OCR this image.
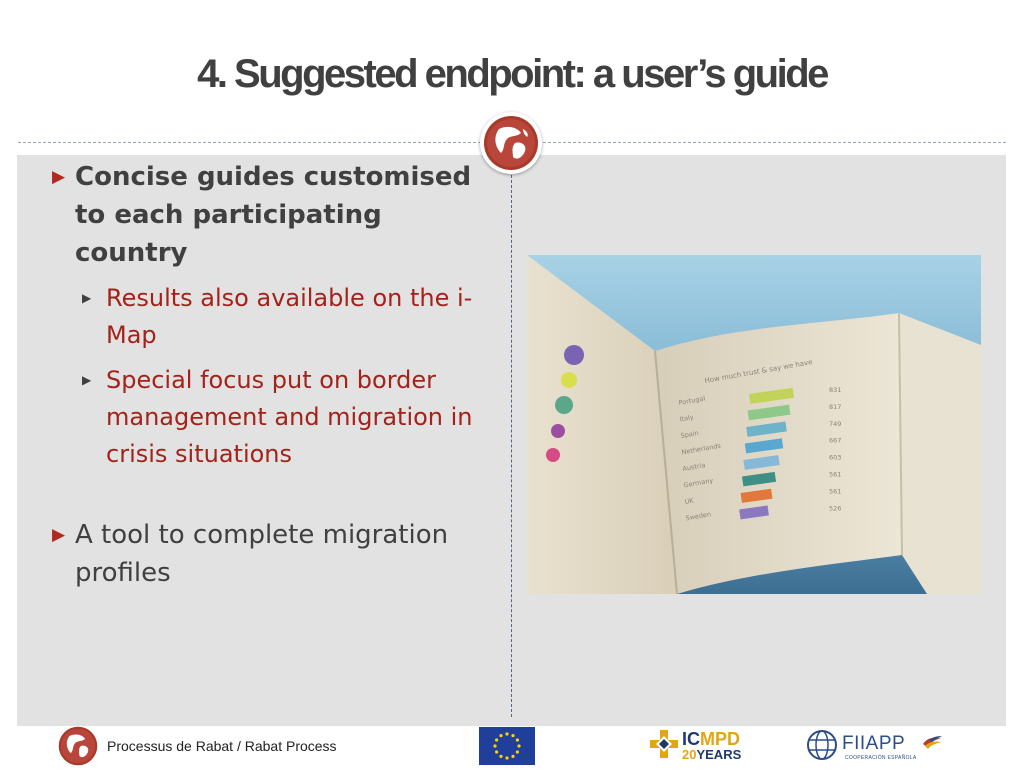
4. Suggested endpoint: a user’s guide
▶ Concise guides customised to each participating country
▶ Results also available on the i-Map
▶ Special focus put on border management and migration in crisis situations
▶ A tool to complete migration profiles
How much trust & say we have
Portugal
831
Italy
817
Spain
749
Netherlands
667
Austria
603
Germany
561
UK
561
Sweden
526
Processus de Rabat / Rabat Process	ICMPD
20YEARS
FIIAPP
COOPERACIÓN ESPAÑOLA
